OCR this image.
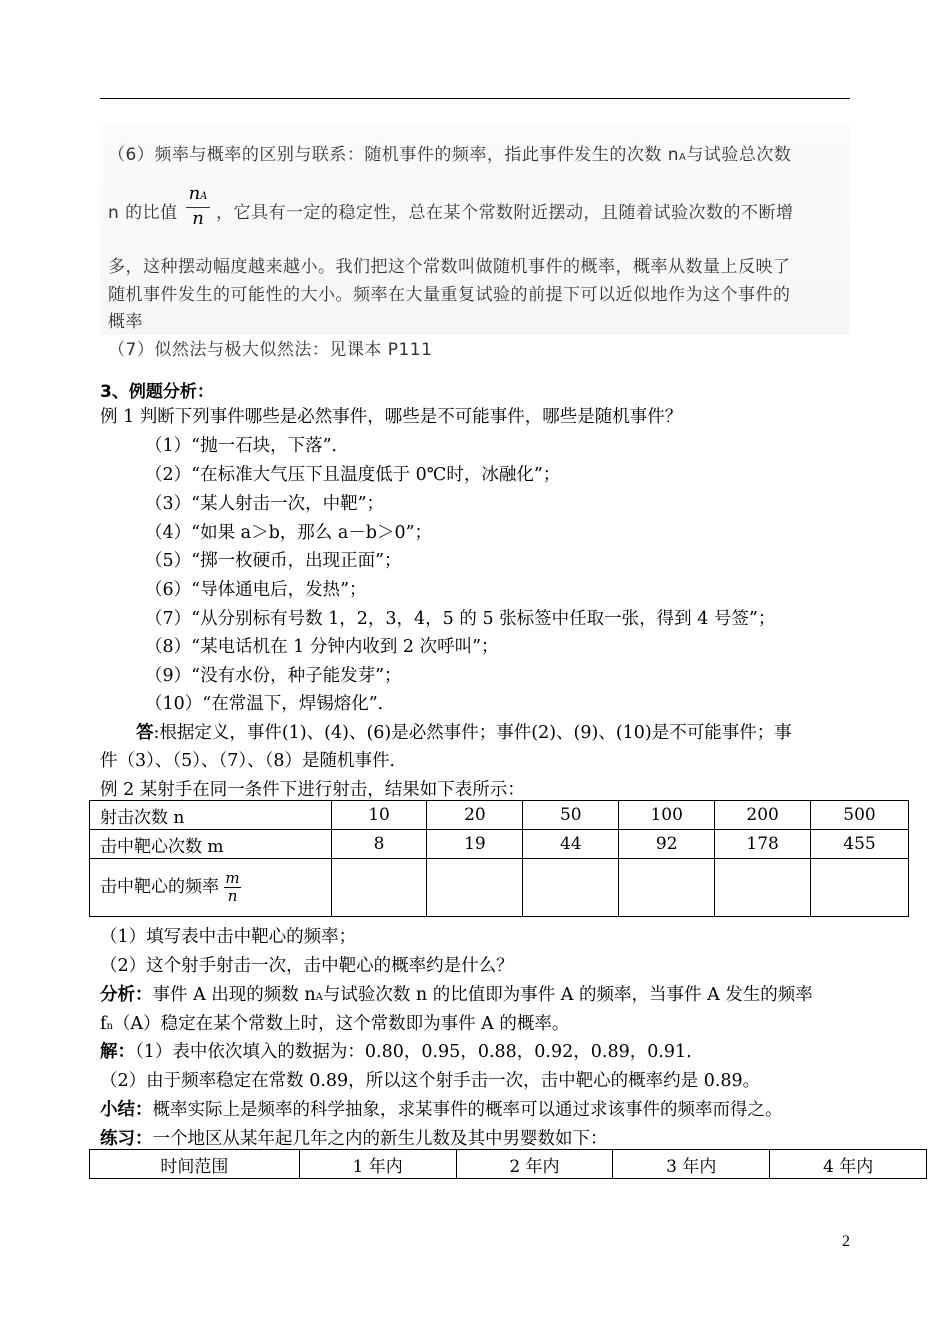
（6）频率与概率的区别与联系：随机事件的频率，指此事件发生的次数 nA与试验总次数
n 的比值 $\frac{nA}{n}$ ，它具有一定的稳定性，总在某个常数附近摆动，且随着试验次数的不断增
多，这种摆动幅度越来越小。我们把这个常数叫做随机事件的概率，概率从数量上反映了
随机事件发生的可能性的大小。频率在大量重复试验的前提下可以近似地作为这个事件的
概率
（7）似然法与极大似然法：见课本 P111
3、例题分析：
例 1 判断下列事件哪些是必然事件，哪些是不可能事件，哪些是随机事件？
（1）“抛一石块，下落”．
（2）“在标准大气压下且温度低于 0℃时，冰融化”；
（3）“某人射击一次，中靶”；
（4）“如果 a＞b，那么 a－b＞0”；
（5）“掷一枚硬币，出现正面”；
（6）“导体通电后，发热”；
（7）“从分别标有号数 1，2，3，4，5 的 5 张标签中任取一张，得到 4 号签”；
（8）“某电话机在 1 分钟内收到 2 次呼叫”；
（9）“没有水份，种子能发芽”；
（10）“在常温下，焊锡熔化”．
答:根据定义，事件(1)、(4)、(6)是必然事件；事件(2)、(9)、(10)是不可能事件；事
件（3）、（5）、（7）、（8）是随机事件．
例 2 某射手在同一条件下进行射击，结果如下表所示：
射击次数 n	10	20	50	100	200	500
击中靶心次数 m	8	19	44	92	178	455
击中靶心的频率 $\frac{m}{n}$

（1）填写表中击中靶心的频率；
（2）这个射手射击一次，击中靶心的概率约是什么？
分析：事件 A 出现的频数 nA与试验次数 n 的比值即为事件 A 的频率，当事件 A 发生的频率
fn（A）稳定在某个常数上时，这个常数即为事件 A 的概率。
解：（1）表中依次填入的数据为：0.80，0.95，0.88，0.92，0.89，0.91.
（2）由于频率稳定在常数 0.89，所以这个射手击一次，击中靶心的概率约是 0.89。
小结：概率实际上是频率的科学抽象，求某事件的概率可以通过求该事件的频率而得之。
练习：一个地区从某年起几年之内的新生儿数及其中男婴数如下：
时间范围	1 年内	2 年内	3 年内	4 年内
2
